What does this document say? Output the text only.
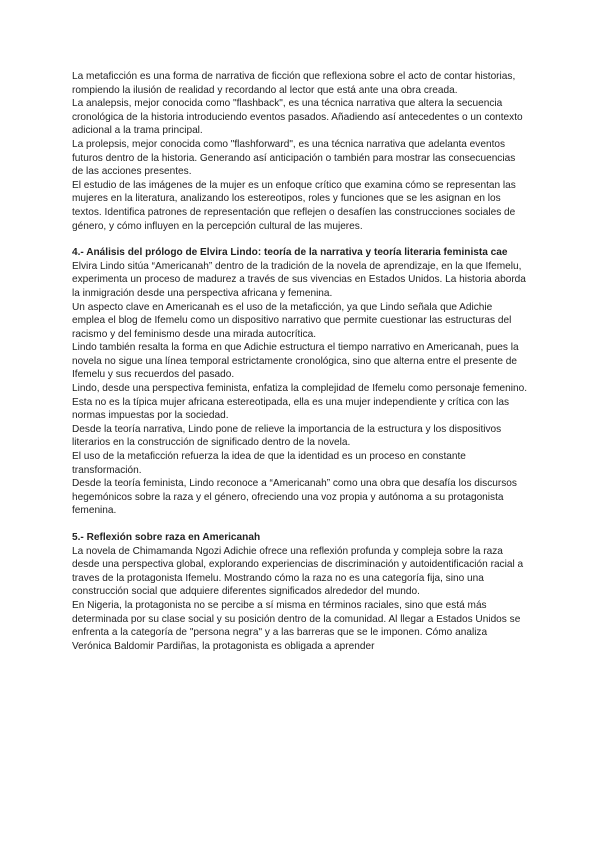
La metaficción es una forma de narrativa de ficción que reflexiona sobre el acto de contar historias, rompiendo la ilusión de realidad y recordando al lector que está ante una obra creada.

La analepsis, mejor conocida como "flashback", es una técnica narrativa que altera la secuencia cronológica de la historia introduciendo eventos pasados. Añadiendo así antecedentes o un contexto adicional a la trama principal.

La prolepsis, mejor conocida como "flashforward", es una técnica narrativa que adelanta eventos futuros dentro de la historia. Generando así anticipación o también para mostrar las consecuencias de las acciones presentes.

El estudio de las imágenes de la mujer es un enfoque crítico que examina cómo se representan las mujeres en la literatura, analizando los estereotipos, roles y funciones que se les asignan en los textos. Identifica patrones de representación que reflejen o desafíen las construcciones sociales de género, y cómo influyen en la percepción cultural de las mujeres.

4.- Análisis del prólogo de Elvira Lindo: teoría de la narrativa y teoría literaria feminista cae

Elvira Lindo sitúa “Americanah” dentro de la tradición de la novela de aprendizaje, en la que Ifemelu, experimenta un proceso de madurez a través de sus vivencias en Estados Unidos. La historia aborda la inmigración desde una perspectiva africana y femenina.

Un aspecto clave en Americanah es el uso de la metaficción, ya que Lindo señala que Adichie emplea el blog de Ifemelu como un dispositivo narrativo que permite cuestionar las estructuras del racismo y del feminismo desde una mirada autocrítica.

Lindo también resalta la forma en que Adichie estructura el tiempo narrativo en Americanah, pues la novela no sigue una línea temporal estrictamente cronológica, sino que alterna entre el presente de Ifemelu y sus recuerdos del pasado.

Lindo, desde una perspectiva feminista, enfatiza la complejidad de Ifemelu como personaje femenino. Esta no es la típica mujer africana estereotipada, ella es una mujer independiente y crítica con las normas impuestas por la sociedad.

Desde la teoría narrativa, Lindo pone de relieve la importancia de la estructura y los dispositivos literarios en la construcción de significado dentro de la novela.

El uso de la metaficción refuerza la idea de que la identidad es un proceso en constante transformación.

Desde la teoría feminista, Lindo reconoce a “Americanah” como una obra que desafía los discursos hegemónicos sobre la raza y el género, ofreciendo una voz propia y autónoma a su protagonista femenina.

5.- Reflexión sobre raza en Americanah

La novela de Chimamanda Ngozi Adichie ofrece una reflexión profunda y compleja sobre la raza desde una perspectiva global, explorando experiencias de discriminación y autoidentificación racial a traves de la protagonista Ifemelu. Mostrando cómo la raza no es una categoría fija, sino una construcción social que adquiere diferentes significados alrededor del mundo.

En Nigeria, la protagonista no se percibe a sí misma en términos raciales, sino que está más determinada por su clase social y su posición dentro de la comunidad. Al llegar a Estados Unidos se enfrenta a la categoría de "persona negra" y a las barreras que se le imponen. Cómo analiza Verónica Baldomir Pardiñas, la protagonista es obligada a aprender
